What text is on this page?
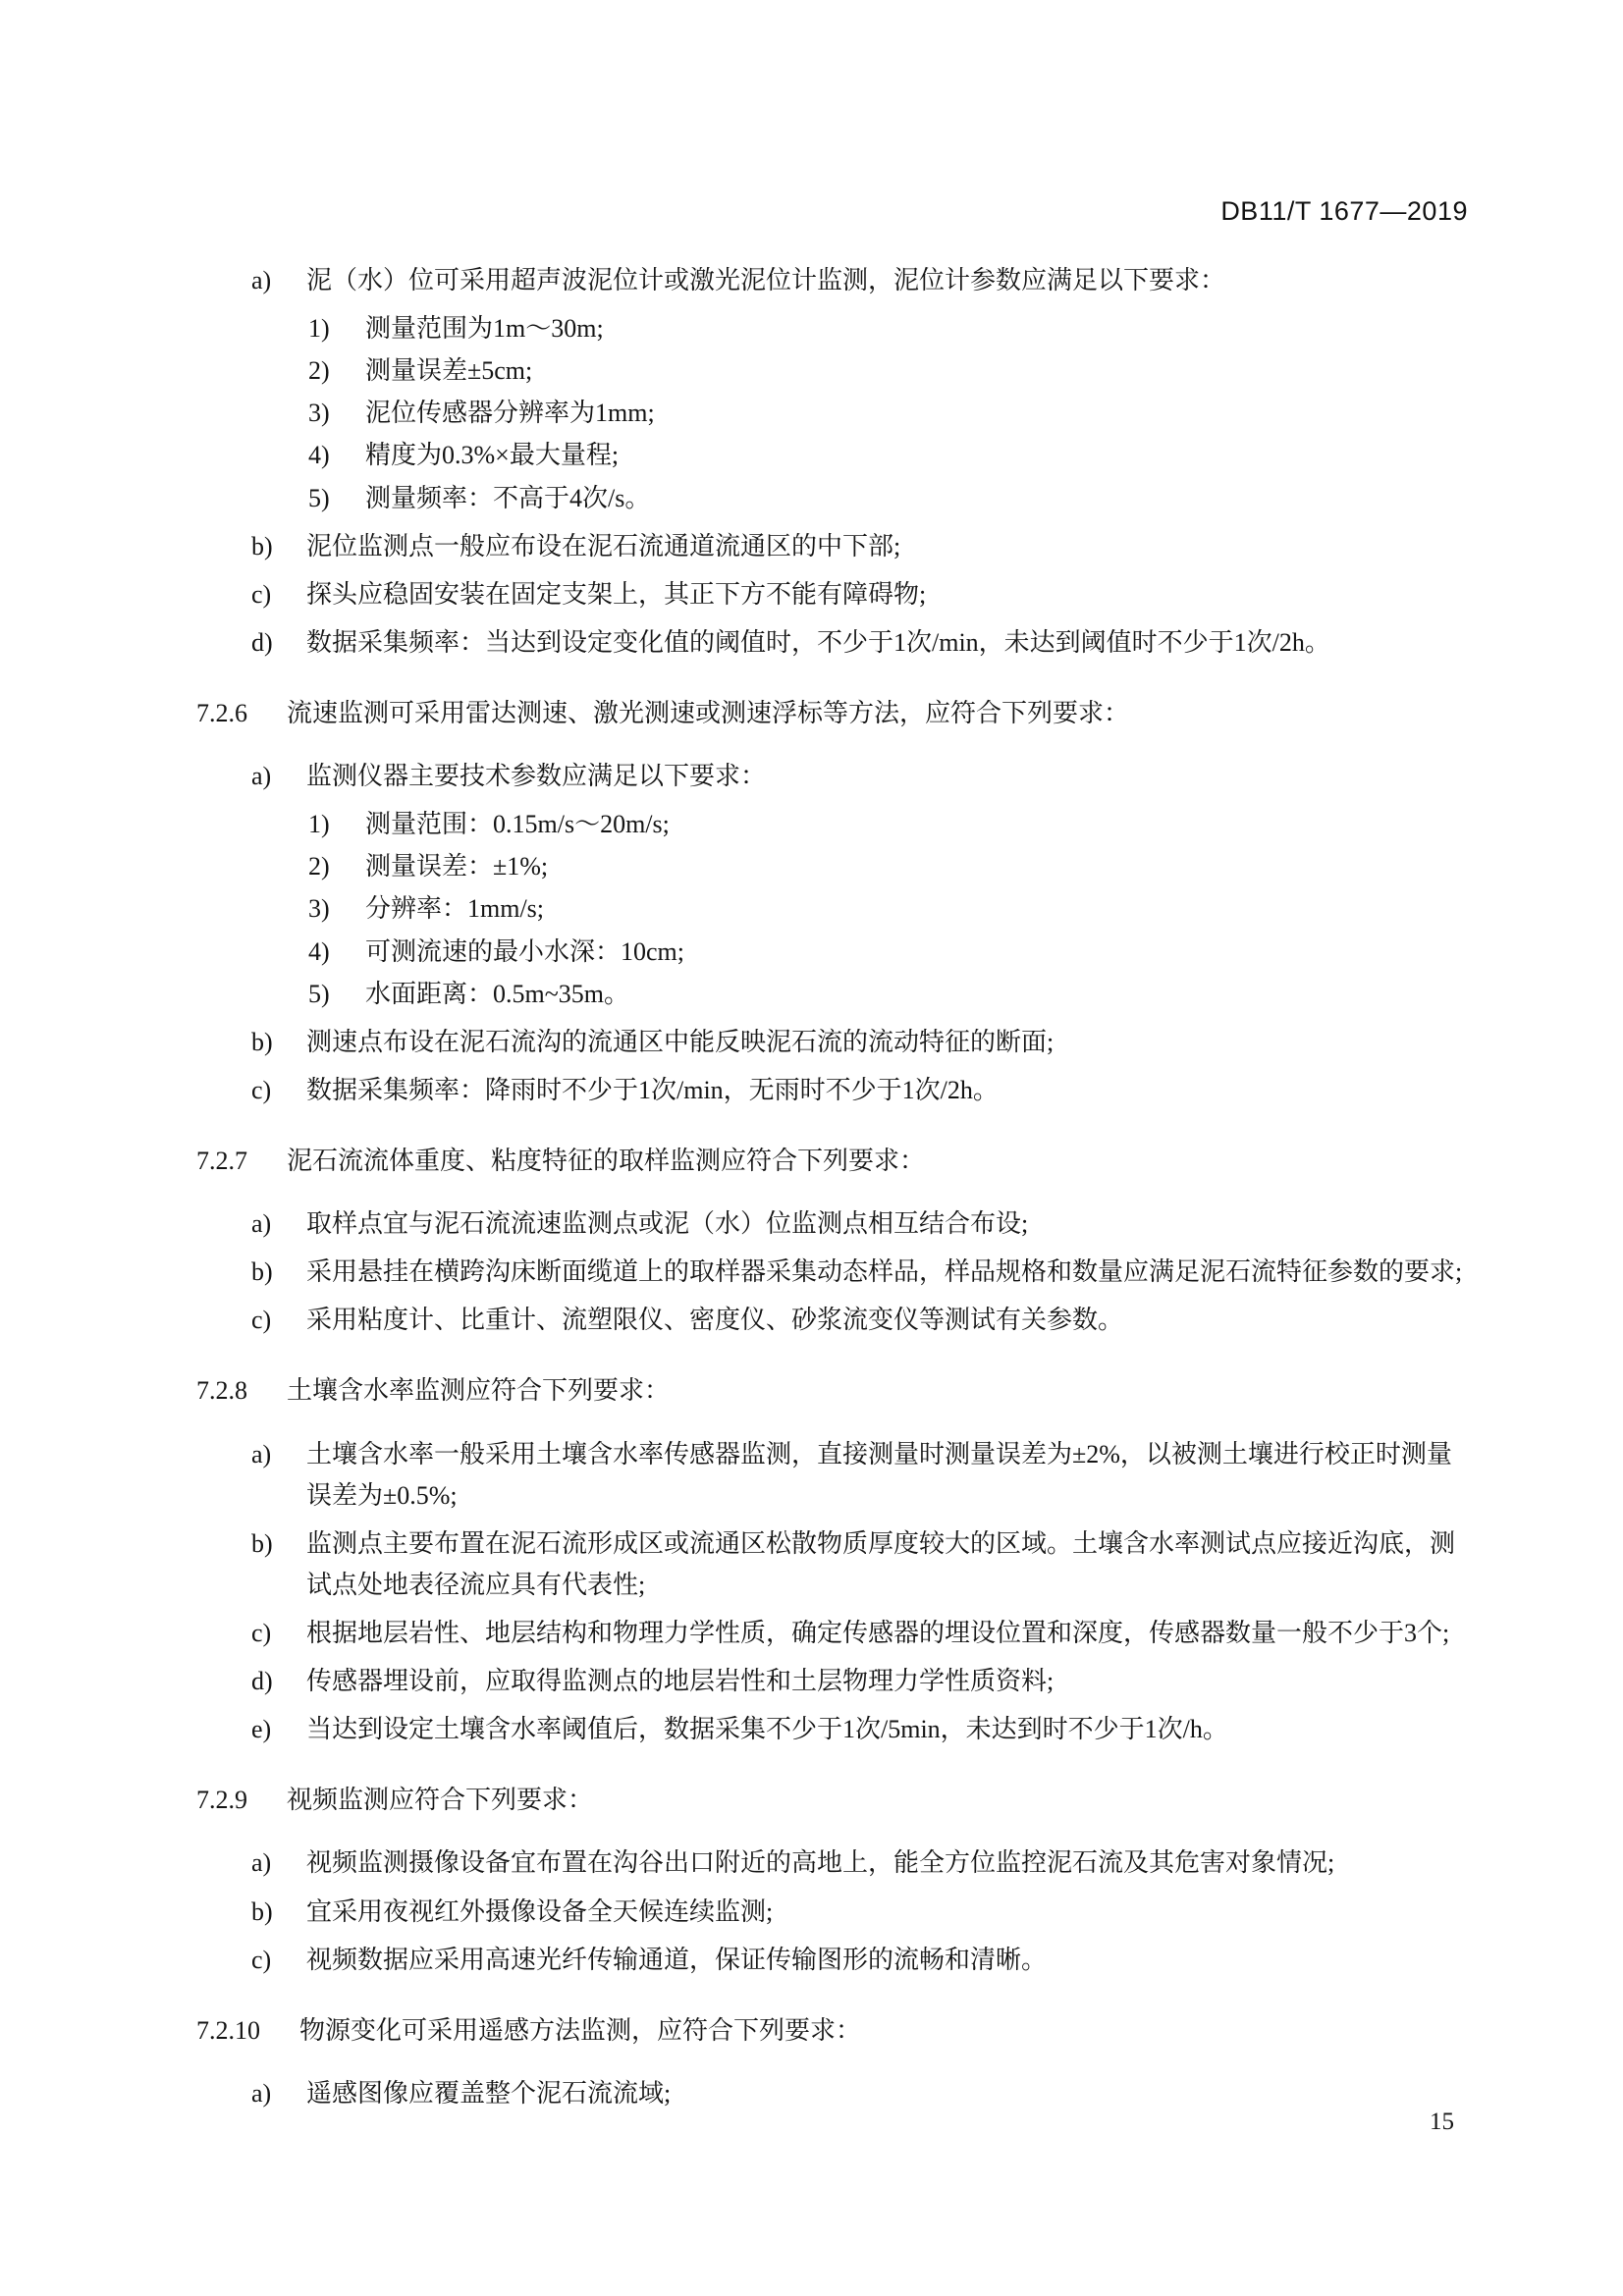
DB11/T 1677—2019
a)	泥（水）位可采用超声波泥位计或激光泥位计监测，泥位计参数应满足以下要求：
1)	测量范围为1m～30m;
2)	测量误差±5cm;
3)	泥位传感器分辨率为1mm;
4)	精度为0.3%×最大量程;
5)	测量频率：不高于4次/s。
b)	泥位监测点一般应布设在泥石流通道流通区的中下部;
c)	探头应稳固安装在固定支架上，其正下方不能有障碍物;
d)	数据采集频率：当达到设定变化值的阈值时，不少于1次/min，未达到阈值时不少于1次/2h。
7.2.6 流速监测可采用雷达测速、激光测速或测速浮标等方法，应符合下列要求：
a)	监测仪器主要技术参数应满足以下要求：
1)	测量范围：0.15m/s～20m/s;
2)	测量误差：±1%;
3)	分辨率：1mm/s;
4)	可测流速的最小水深：10cm;
5)	水面距离：0.5m~35m。
b)	测速点布设在泥石流沟的流通区中能反映泥石流的流动特征的断面;
c)	数据采集频率：降雨时不少于1次/min，无雨时不少于1次/2h。
7.2.7 泥石流流体重度、粘度特征的取样监测应符合下列要求：
a)	取样点宜与泥石流流速监测点或泥（水）位监测点相互结合布设;
b)	采用悬挂在横跨沟床断面缆道上的取样器采集动态样品，样品规格和数量应满足泥石流特征参数的要求;
c)	采用粘度计、比重计、流塑限仪、密度仪、砂浆流变仪等测试有关参数。
7.2.8 土壤含水率监测应符合下列要求：
a)	土壤含水率一般采用土壤含水率传感器监测，直接测量时测量误差为±2%，以被测土壤进行校正时测量误差为±0.5%;
b)	监测点主要布置在泥石流形成区或流通区松散物质厚度较大的区域。土壤含水率测试点应接近沟底，测试点处地表径流应具有代表性;
c)	根据地层岩性、地层结构和物理力学性质，确定传感器的埋设位置和深度，传感器数量一般不少于3个;
d)	传感器埋设前，应取得监测点的地层岩性和土层物理力学性质资料;
e)	当达到设定土壤含水率阈值后，数据采集不少于1次/5min，未达到时不少于1次/h。
7.2.9 视频监测应符合下列要求：
a)	视频监测摄像设备宜布置在沟谷出口附近的高地上，能全方位监控泥石流及其危害对象情况;
b)	宜采用夜视红外摄像设备全天候连续监测;
c)	视频数据应采用高速光纤传输通道，保证传输图形的流畅和清晰。
7.2.10 物源变化可采用遥感方法监测，应符合下列要求：
a)	遥感图像应覆盖整个泥石流流域;
15
